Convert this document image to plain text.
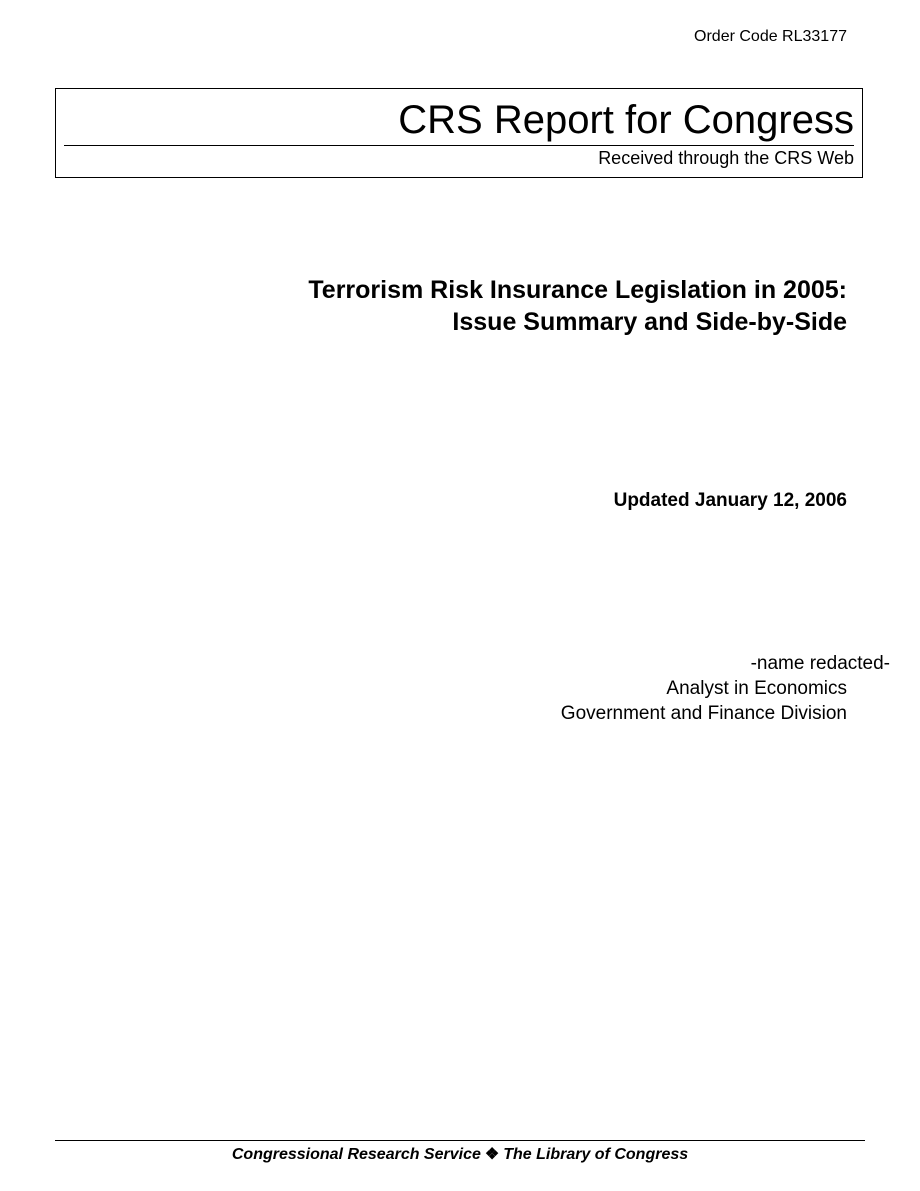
Order Code RL33177
CRS Report for Congress
Received through the CRS Web
Terrorism Risk Insurance Legislation in 2005:
Issue Summary and Side-by-Side
Updated January 12, 2006
-name redacted-
Analyst in Economics
Government and Finance Division
Congressional Research Service ❖ The Library of Congress
